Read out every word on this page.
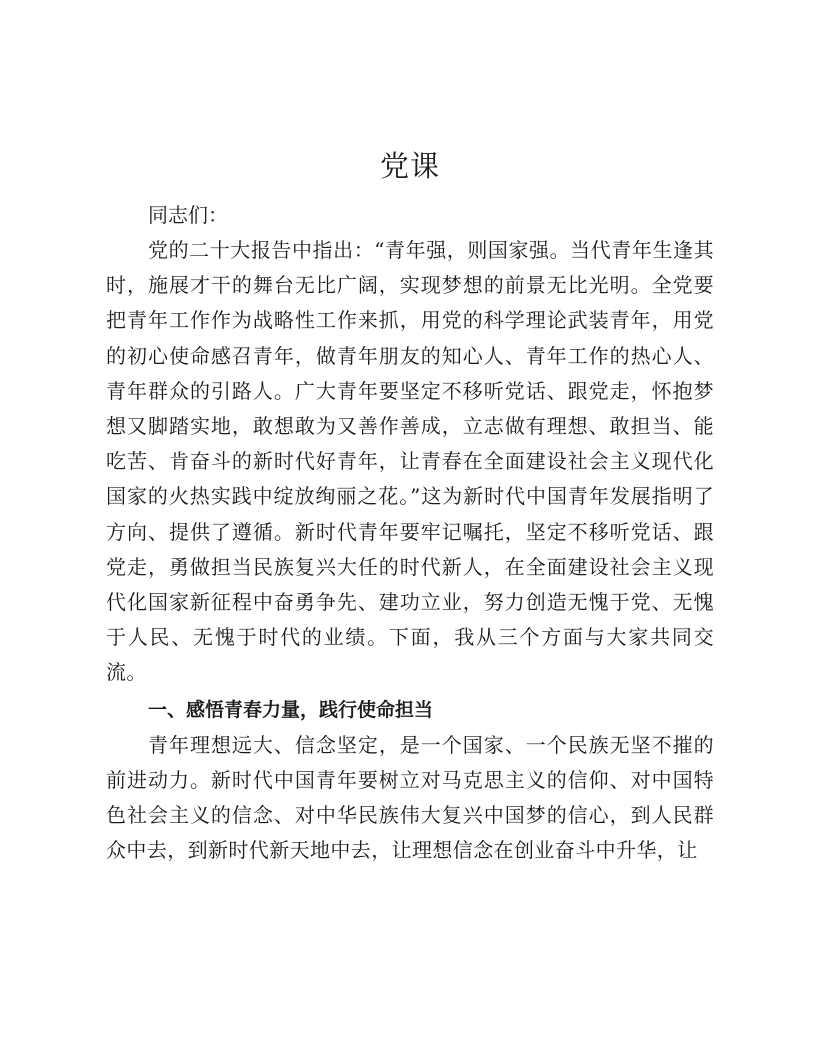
党课

同志们：

党的二十大报告中指出：“青年强，则国家强。当代青年生逢其时，施展才干的舞台无比广阔，实现梦想的前景无比光明。全党要把青年工作作为战略性工作来抓，用党的科学理论武装青年，用党的初心使命感召青年，做青年朋友的知心人、青年工作的热心人、青年群众的引路人。广大青年要坚定不移听党话、跟党走，怀抱梦想又脚踏实地，敢想敢为又善作善成，立志做有理想、敢担当、能吃苦、肯奋斗的新时代好青年，让青春在全面建设社会主义现代化国家的火热实践中绽放绚丽之花。”这为新时代中国青年发展指明了方向、提供了遵循。新时代青年要牢记嘱托，坚定不移听党话、跟党走，勇做担当民族复兴大任的时代新人，在全面建设社会主义现代化国家新征程中奋勇争先、建功立业，努力创造无愧于党、无愧于人民、无愧于时代的业绩。下面，我从三个方面与大家共同交流。

一、感悟青春力量，践行使命担当

青年理想远大、信念坚定，是一个国家、一个民族无坚不摧的前进动力。新时代中国青年要树立对马克思主义的信仰、对中国特色社会主义的信念、对中华民族伟大复兴中国梦的信心，到人民群众中去，到新时代新天地中去，让理想信念在创业奋斗中升华，让
